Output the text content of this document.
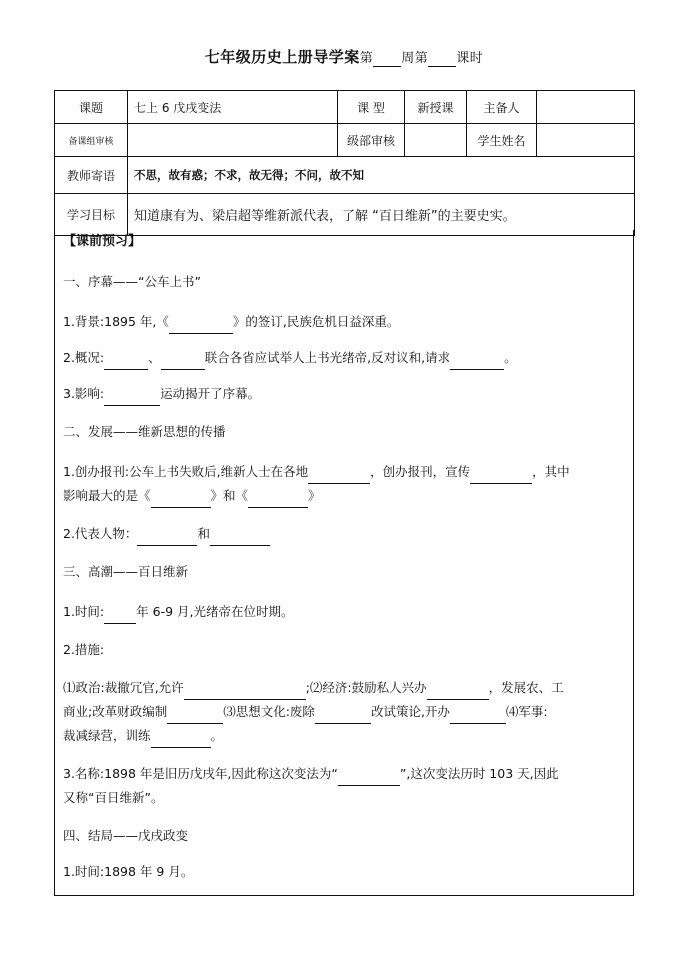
七年级历史上册导学案第 周第 课时
课题	七上 6 戊戌变法	课 型	新授课	主备人	
备课组审核		级部审核		学生姓名	
教师寄语	不思，故有惑；不求，故无得；不问，故不知				
学习目标	知道康有为、梁启超等维新派代表，了解 “百日维新”的主要史实。				
【课前预习】
一、序幕——“公车上书”
1.背景:1895 年,《	》的签订,民族危机日益深重。
2.概况:	、	联合各省应试举人上书光绪帝,反对议和,请求	。
3.影响:	运动揭开了序幕。
二、发展——维新思想的传播
1.创办报刊:公车上书失败后,维新人士在各地	，创办报刊，宣传	，其中
影响最大的是《	》和《	》
2.代表人物：	和
三、高潮——百日维新
1.时间:	年 6-9 月,光绪帝在位时期。
2.措施:
⑴政治:裁撤冗官,允许	;⑵经济:鼓励私人兴办	，发展农、工
商业;改革财政编制	⑶思想文化:废除	改试策论,开办	⑷军事:
裁减绿营，训练	。
3.名称:1898 年是旧历戊戌年,因此称这次变法为“	”,这次变法历时 103 天,因此
又称“百日维新”。
四、结局——戊戌政变
1.时间:1898 年 9 月。
